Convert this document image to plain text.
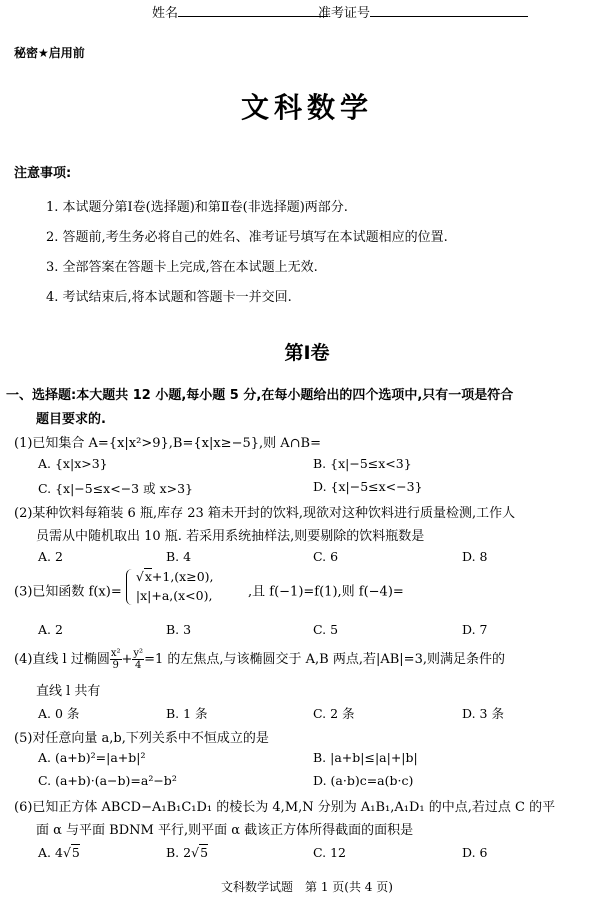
姓名	准考证号
秘密★启用前
文科数学
注意事项:
1. 本试题分第Ⅰ卷(选择题)和第Ⅱ卷(非选择题)两部分.
2. 答题前,考生务必将自己的姓名、准考证号填写在本试题相应的位置.
3. 全部答案在答题卡上完成,答在本试题上无效.
4. 考试结束后,将本试题和答题卡一并交回.
第Ⅰ卷
一、选择题:本大题共 12 小题,每小题 5 分,在每小题给出的四个选项中,只有一项是符合
题目要求的.
(1)已知集合 A={x|x²>9},B={x|x≥−5},则 A∩B=
A. {x|x>3}	B. {x|−5≤x<3}
C. {x|−5≤x<−3 或 x>3}	D. {x|−5≤x<−3}
(2)某种饮料每箱装 6 瓶,库存 23 箱未开封的饮料,现欲对这种饮料进行质量检测,工作人
员需从中随机取出 10 瓶. 若采用系统抽样法,则要剔除的饮料瓶数是
A. 2	B. 4	C. 6	D. 8
(3)已知函数 f(x)=
√x+1,(x≥0),
|x|+a,(x<0),	,且 f(−1)=f(1),则 f(−4)=
A. 2	B. 3	C. 5	D. 7
(4)直线 l 过椭圆 $\frac{\text{x²}}{9} + \frac{\text{y²}}{4} =1$ 的左焦点,与该椭圆交于 A,B 两点,若|AB|=3,则满足条件的
直线 l 共有
A. 0 条	B. 1 条	C. 2 条	D. 3 条
(5)对任意向量 a,b,下列关系中不恒成立的是
A. (a+b)²=|a+b|²	B. |a+b|≤|a|+|b|
C. (a+b)·(a−b)=a²−b²	D. (a·b)c=a(b·c)
(6)已知正方体 ABCD−A₁B₁C₁D₁ 的棱长为 4,M,N 分别为 A₁B₁,A₁D₁ 的中点,若过点 C 的平
面 α 与平面 BDNM 平行,则平面 α 截该正方体所得截面的面积是
A. 4√5	B. 2√5	C. 12	D. 6
文科数学试题　第 1 页(共 4 页)
